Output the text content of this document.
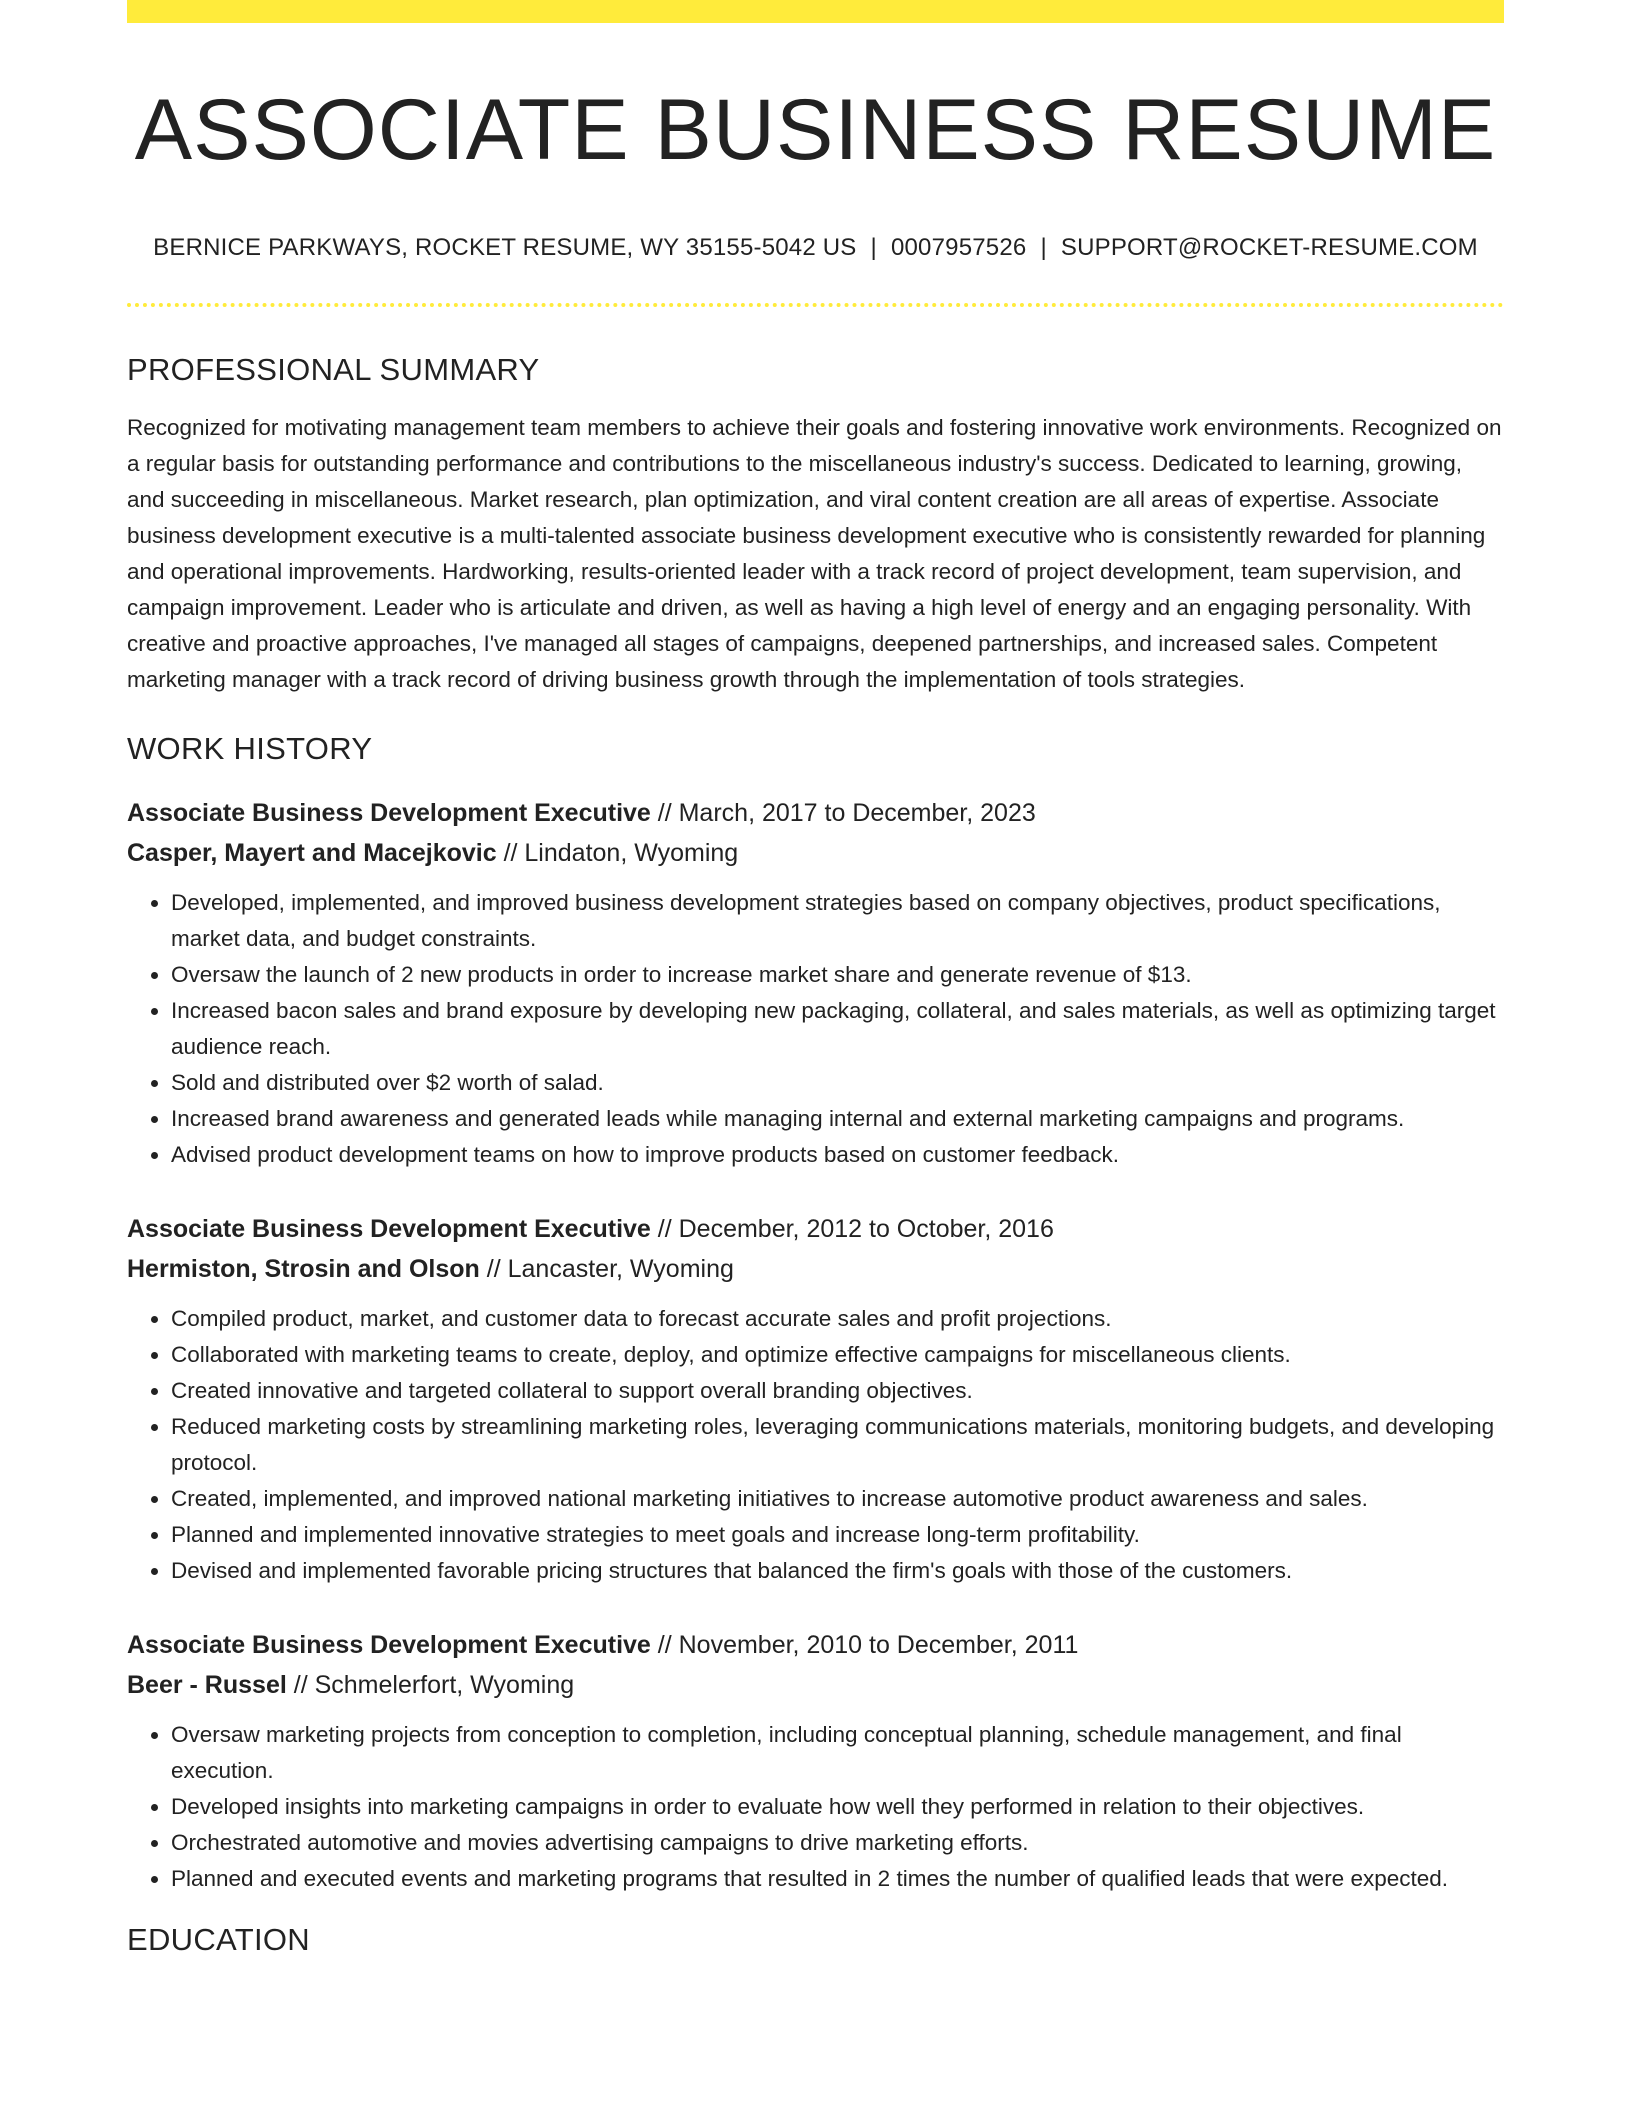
ASSOCIATE BUSINESS RESUME
BERNICE PARKWAYS, ROCKET RESUME, WY 35155-5042 US | 0007957526 | SUPPORT@ROCKET-RESUME.COM
PROFESSIONAL SUMMARY

Recognized for motivating management team members to achieve their goals and fostering innovative work environments. Recognized on a regular basis for outstanding performance and contributions to the miscellaneous industry's success. Dedicated to learning, growing, and succeeding in miscellaneous. Market research, plan optimization, and viral content creation are all areas of expertise. Associate business development executive is a multi-talented associate business development executive who is consistently rewarded for planning and operational improvements. Hardworking, results-oriented leader with a track record of project development, team supervision, and campaign improvement. Leader who is articulate and driven, as well as having a high level of energy and an engaging personality. With creative and proactive approaches, I've managed all stages of campaigns, deepened partnerships, and increased sales. Competent marketing manager with a track record of driving business growth through the implementation of tools strategies.

WORK HISTORY
Associate Business Development Executive // March, 2017 to December, 2023
Casper, Mayert and Macejkovic // Lindaton, Wyoming
• Developed, implemented, and improved business development strategies based on company objectives, product specifications, market data, and budget constraints.
• Oversaw the launch of 2 new products in order to increase market share and generate revenue of $13.
• Increased bacon sales and brand exposure by developing new packaging, collateral, and sales materials, as well as optimizing target audience reach.
• Sold and distributed over $2 worth of salad.
• Increased brand awareness and generated leads while managing internal and external marketing campaigns and programs.
• Advised product development teams on how to improve products based on customer feedback.
Associate Business Development Executive // December, 2012 to October, 2016
Hermiston, Strosin and Olson // Lancaster, Wyoming
• Compiled product, market, and customer data to forecast accurate sales and profit projections.
• Collaborated with marketing teams to create, deploy, and optimize effective campaigns for miscellaneous clients.
• Created innovative and targeted collateral to support overall branding objectives.
• Reduced marketing costs by streamlining marketing roles, leveraging communications materials, monitoring budgets, and developing protocol.
• Created, implemented, and improved national marketing initiatives to increase automotive product awareness and sales.
• Planned and implemented innovative strategies to meet goals and increase long-term profitability.
• Devised and implemented favorable pricing structures that balanced the firm's goals with those of the customers.
Associate Business Development Executive // November, 2010 to December, 2011
Beer - Russel // Schmelerfort, Wyoming
• Oversaw marketing projects from conception to completion, including conceptual planning, schedule management, and final execution.
• Developed insights into marketing campaigns in order to evaluate how well they performed in relation to their objectives.
• Orchestrated automotive and movies advertising campaigns to drive marketing efforts.
• Planned and executed events and marketing programs that resulted in 2 times the number of qualified leads that were expected.
EDUCATION
